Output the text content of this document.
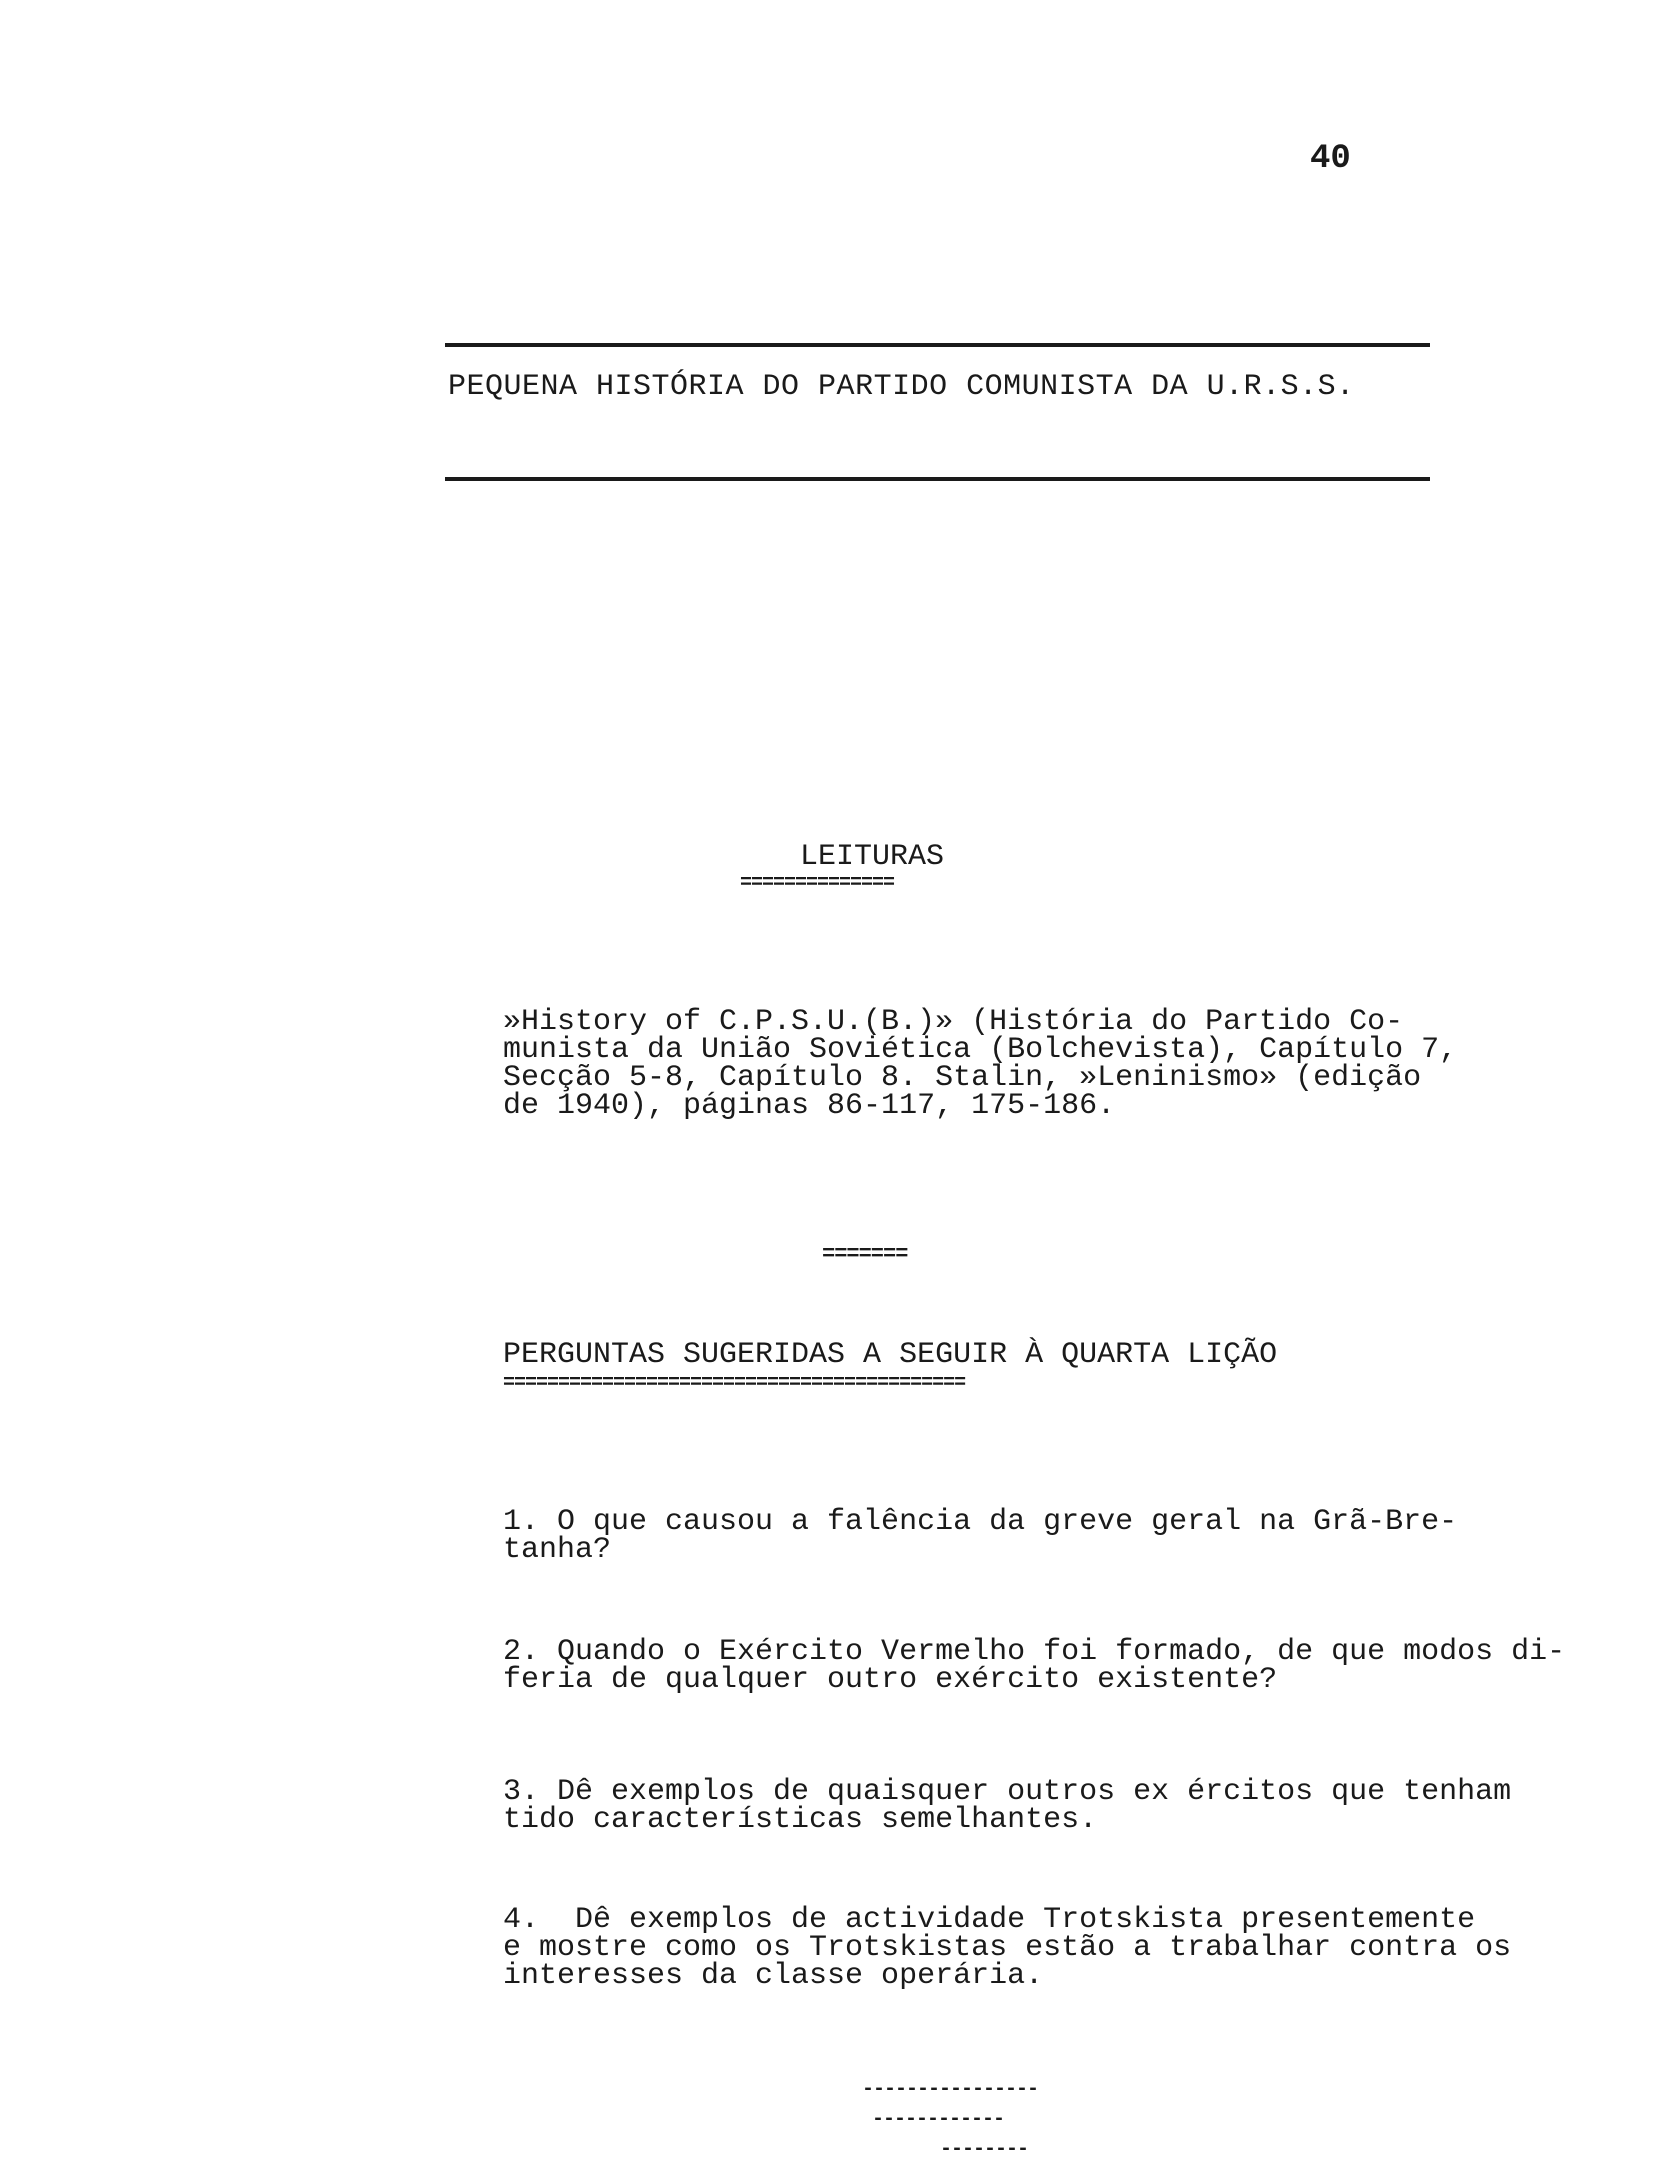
40
PEQUENA HISTÓRIA DO PARTIDO COMUNISTA DA U.R.S.S.
LEITURAS
==============
»History of C.P.S.U.(B.)» (História do Partido Co-
munista da União Soviética (Bolchevista), Capítulo 7,
Secção 5-8, Capítulo 8. Stalin, »Leninismo» (edição
de 1940), páginas 86-117, 175-186.
=======
PERGUNTAS SUGERIDAS A SEGUIR À QUARTA LIÇÃO
==========================================
1. O que causou a falência da greve geral na Grã-Bre-
tanha?
2. Quando o Exército Vermelho foi formado, de que modos di-
feria de qualquer outro exército existente?
3. Dê exemplos de quaisquer outros ex ércitos que tenham
tido características semelhantes.
4.  Dê exemplos de actividade Trotskista presentemente
e mostre como os Trotskistas estão a trabalhar contra os
interesses da classe operária.
----------------
------------
--------
